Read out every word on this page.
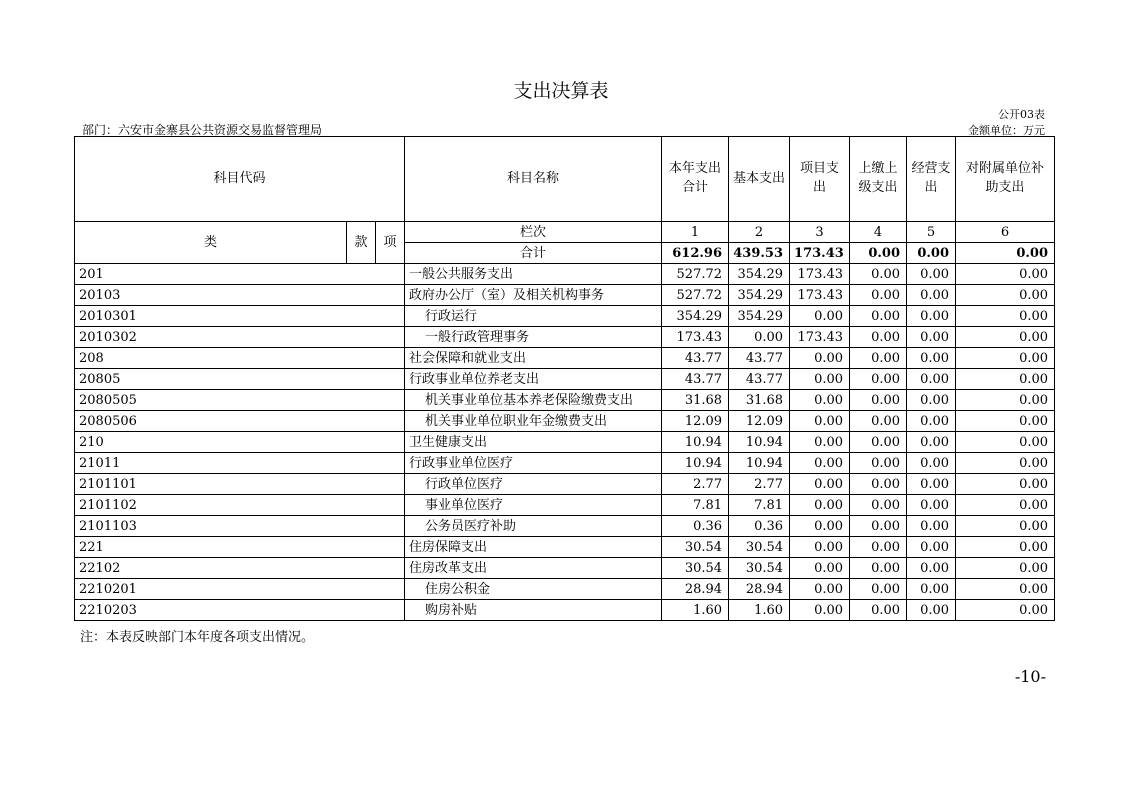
支出决算表
公开03表
部门：六安市金寨县公共资源交易监督管理局	金额单位：万元
科目代码			科目名称	本年支出合计	基本支出	项目支出	上缴上级支出	经营支出	对附属单位补助支出
类	款	项	栏次	1	2	3	4	5	6
			合计	612.96	439.53	173.43	0.00	0.00	0.00
201			一般公共服务支出	527.72	354.29	173.43	0.00	0.00	0.00
20103			政府办公厅（室）及相关机构事务	527.72	354.29	173.43	0.00	0.00	0.00
2010301			行政运行	354.29	354.29	0.00	0.00	0.00	0.00
2010302			一般行政管理事务	173.43	0.00	173.43	0.00	0.00	0.00
208			社会保障和就业支出	43.77	43.77	0.00	0.00	0.00	0.00
20805			行政事业单位养老支出	43.77	43.77	0.00	0.00	0.00	0.00
2080505			机关事业单位基本养老保险缴费支出	31.68	31.68	0.00	0.00	0.00	0.00
2080506			机关事业单位职业年金缴费支出	12.09	12.09	0.00	0.00	0.00	0.00
210			卫生健康支出	10.94	10.94	0.00	0.00	0.00	0.00
21011			行政事业单位医疗	10.94	10.94	0.00	0.00	0.00	0.00
2101101			行政单位医疗	2.77	2.77	0.00	0.00	0.00	0.00
2101102			事业单位医疗	7.81	7.81	0.00	0.00	0.00	0.00
2101103			公务员医疗补助	0.36	0.36	0.00	0.00	0.00	0.00
221			住房保障支出	30.54	30.54	0.00	0.00	0.00	0.00
22102			住房改革支出	30.54	30.54	0.00	0.00	0.00	0.00
2210201			住房公积金	28.94	28.94	0.00	0.00	0.00	0.00
2210203			购房补贴	1.60	1.60	0.00	0.00	0.00	0.00
注：本表反映部门本年度各项支出情况。
-10-
